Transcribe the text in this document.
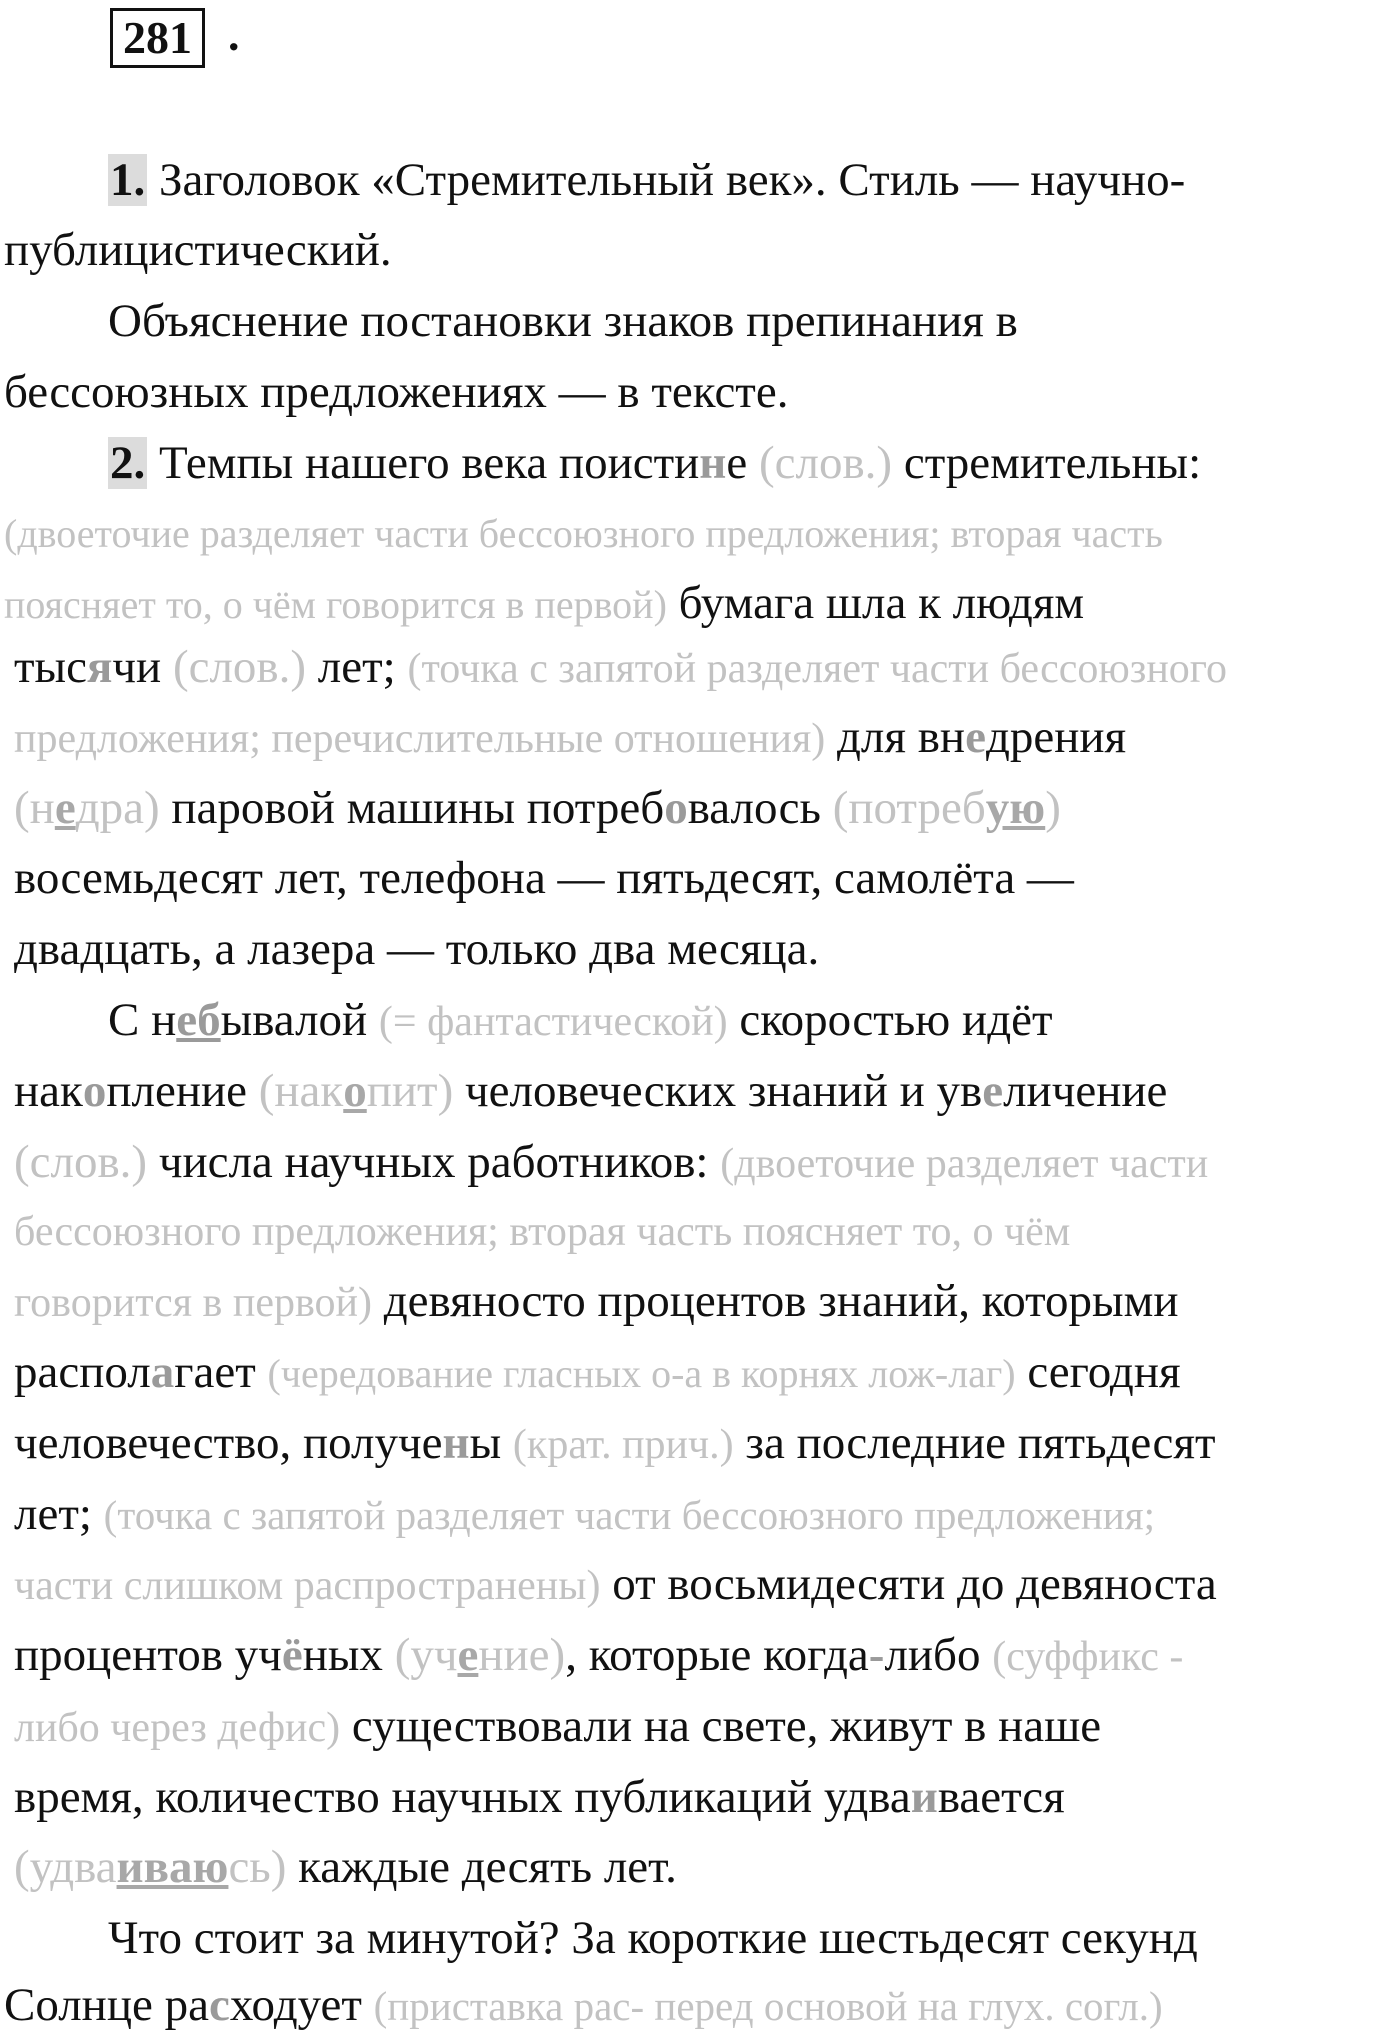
281 .
1. Заголовок «Стремительный век». Стиль — научно-
публицистический.
Объяснение постановки знаков препинания в
бессоюзных предложениях — в тексте.
2. Темпы нашего века поистине (слов.) стремительны:
(двоеточие разделяет части бессоюзного предложения; вторая часть
поясняет то, о чём говорится в первой) бумага шла к людям
тысячи (слов.) лет; (точка с запятой разделяет части бессоюзного
предложения; перечислительные отношения) для внедрения
(недра) паровой машины потребовалось (потребую)
восемьдесят лет, телефона — пятьдесят, самолёта —
двадцать, а лазера — только два месяца.
С небывалой (= фантастической) скоростью идёт
накопление (накопит) человеческих знаний и увеличение
(слов.) числа научных работников: (двоеточие разделяет части
бессоюзного предложения; вторая часть поясняет то, о чём
говорится в первой) девяносто процентов знаний, которыми
располагает (чередование гласных о-а в корнях лож-лаг) сегодня
человечество, получены (крат. прич.) за последние пятьдесят
лет; (точка с запятой разделяет части бессоюзного предложения;
части слишком распространены) от восьмидесяти до девяноста
процентов учёных (учение), которые когда-либо (суффикс -
либо через дефис) существовали на свете, живут в наше
время, количество научных публикаций удваивается
(удваиваюсь) каждые десять лет.
Что стоит за минутой? За короткие шестьдесят секунд
Солнце расходует (приставка рас- перед основой на глух. согл.)
